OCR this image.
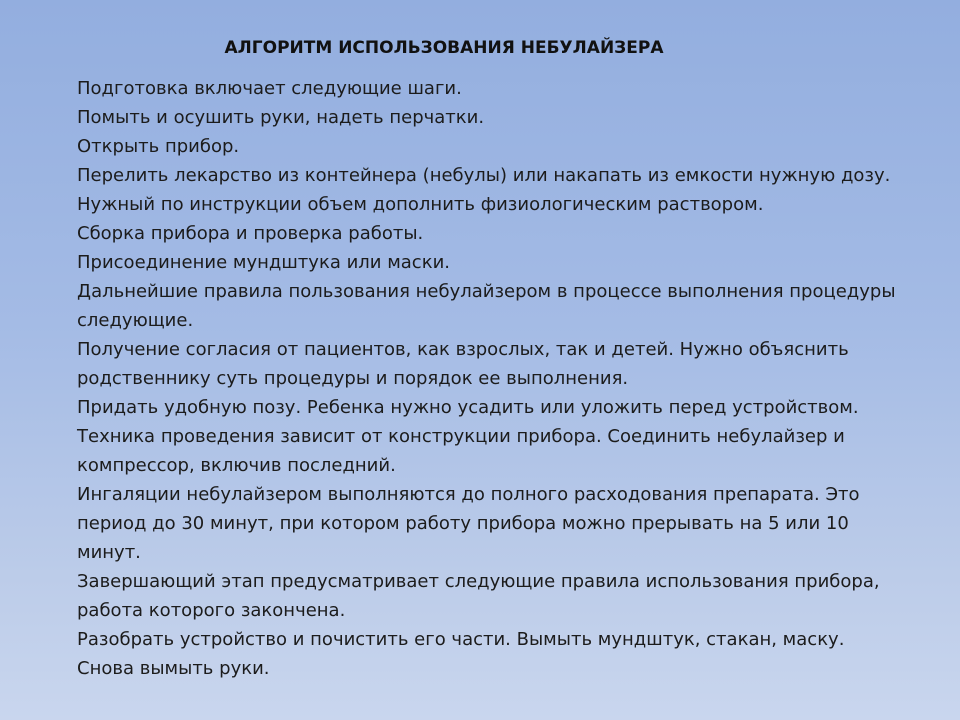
АЛГОРИТМ ИСПОЛЬЗОВАНИЯ НЕБУЛАЙЗЕРА

Подготовка включает следующие шаги.

Помыть и осушить руки, надеть перчатки.

Открыть прибор.

Перелить лекарство из контейнера (небулы) или накапать из емкости нужную дозу.

Нужный по инструкции объем дополнить физиологическим раствором.

Сборка прибора и проверка работы.

Присоединение мундштука или маски.

Дальнейшие правила пользования небулайзером в процессе выполнения процедуры следующие.

Получение согласия от пациентов, как взрослых, так и детей. Нужно объяснить родственнику суть процедуры и порядок ее выполнения.

Придать удобную позу. Ребенка нужно усадить или уложить перед устройством.

Техника проведения зависит от конструкции прибора. Соединить небулайзер и компрессор, включив последний.

Ингаляции небулайзером выполняются до полного расходования препарата. Это период до 30 минут, при котором работу прибора можно прерывать на 5 или 10 минут.

Завершающий этап предусматривает следующие правила использования прибора, работа которого закончена.

Разобрать устройство и почистить его части. Вымыть мундштук, стакан, маску.

Снова вымыть руки.
